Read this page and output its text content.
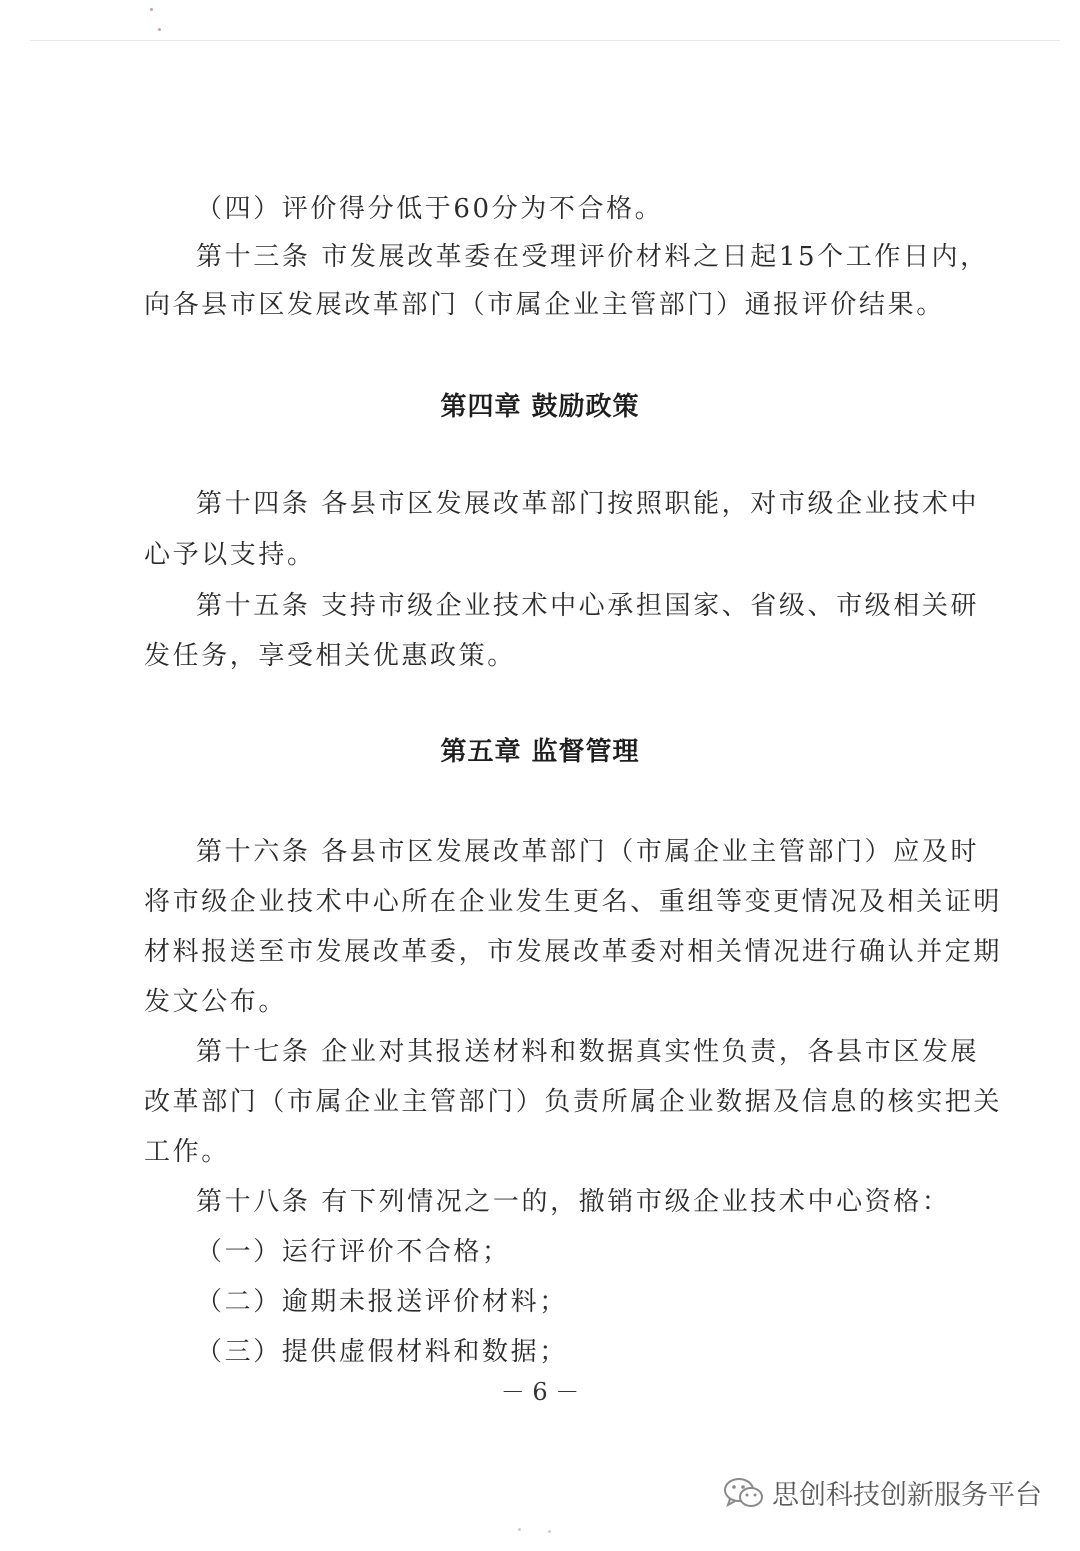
（四）评价得分低于60分为不合格。
第十三条 市发展改革委在受理评价材料之日起15个工作日内，
向各县市区发展改革部门（市属企业主管部门）通报评价结果。
第四章 鼓励政策
第十四条 各县市区发展改革部门按照职能，对市级企业技术中
心予以支持。
第十五条 支持市级企业技术中心承担国家、省级、市级相关研
发任务，享受相关优惠政策。
第五章 监督管理
第十六条 各县市区发展改革部门（市属企业主管部门）应及时
将市级企业技术中心所在企业发生更名、重组等变更情况及相关证明
材料报送至市发展改革委，市发展改革委对相关情况进行确认并定期
发文公布。
第十七条 企业对其报送材料和数据真实性负责，各县市区发展
改革部门（市属企业主管部门）负责所属企业数据及信息的核实把关
工作。
第十八条 有下列情况之一的，撤销市级企业技术中心资格：
（一）运行评价不合格；
（二）逾期未报送评价材料；
（三）提供虚假材料和数据；
－ 6 －
思创科技创新服务平台
